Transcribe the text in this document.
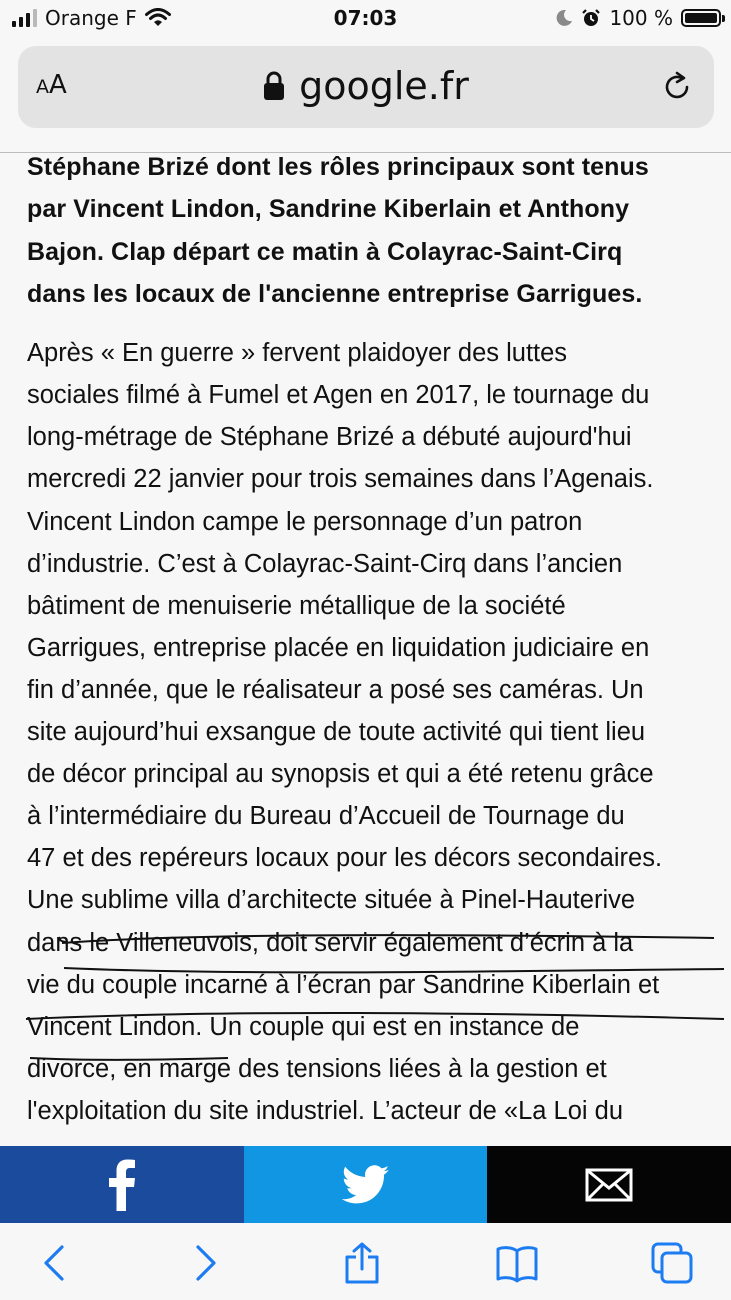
Orange F	07:03	100 %
AA	google.fr

Stéphane Brizé dont les rôles principaux sont tenus
par Vincent Lindon, Sandrine Kiberlain et Anthony
Bajon. Clap départ ce matin à Colayrac-Saint-Cirq
dans les locaux de l'ancienne entreprise Garrigues.

Après « En guerre » fervent plaidoyer des luttes
sociales filmé à Fumel et Agen en 2017, le tournage du
long-métrage de Stéphane Brizé a débuté aujourd'hui
mercredi 22 janvier pour trois semaines dans l’Agenais.
Vincent Lindon campe le personnage d’un patron
d’industrie. C’est à Colayrac-Saint-Cirq dans l’ancien
bâtiment de menuiserie métallique de la société
Garrigues, entreprise placée en liquidation judiciaire en
fin d’année, que le réalisateur a posé ses caméras. Un
site aujourd’hui exsangue de toute activité qui tient lieu
de décor principal au synopsis et qui a été retenu grâce
à l’intermédiaire du Bureau d’Accueil de Tournage du
47 et des repéreurs locaux pour les décors secondaires.
Une sublime villa d’architecte située à Pinel-Hauterive
dans le Villeneuvois, doit servir également d’écrin à la
vie du couple incarné à l’écran par Sandrine Kiberlain et
Vincent Lindon. Un couple qui est en instance de
divorce, en marge des tensions liées à la gestion et
l'exploitation du site industriel. L’acteur de «La Loi du
